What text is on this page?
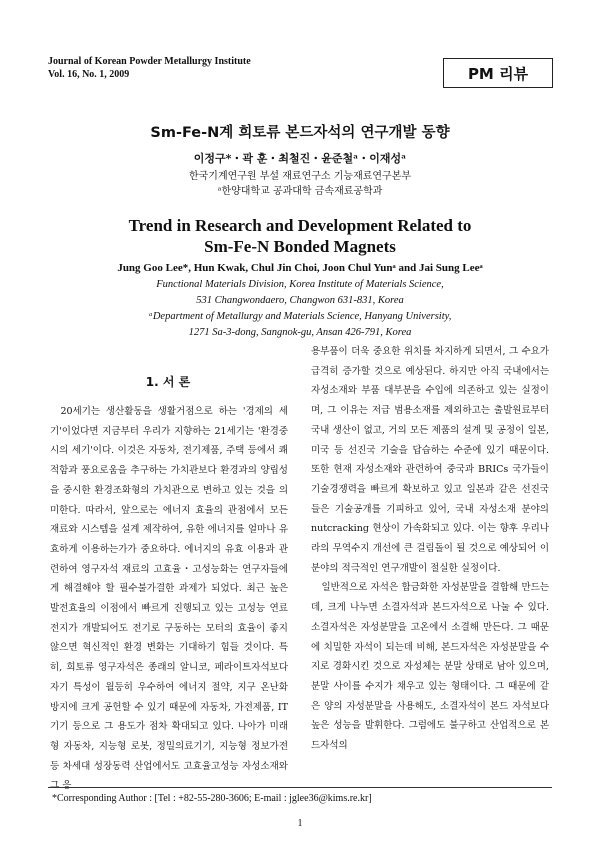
Journal of Korean Powder Metallurgy Institute
Vol. 16, No. 1, 2009	PM 리뷰
Sm-Fe-N계 희토류 본드자석의 연구개발 동향
이정구*・곽 훈・최철진・윤준철ᵃ・이재성ᵃ
한국기계연구원 부설 재료연구소 기능재료연구본부
ᵃ한양대학교 공과대학 금속재료공학과
Trend in Research and Development Related to
Sm-Fe-N Bonded Magnets
Jung Goo Lee*, Hun Kwak, Chul Jin Choi, Joon Chul Yunᵃ and Jai Sung Leeᵃ
Functional Materials Division, Korea Institute of Materials Science,
531 Changwondaero, Changwon 631-831, Korea
ᵃDepartment of Metallurgy and Materials Science, Hanyang University,
1271 Sa-3-dong, Sangnok-gu, Ansan 426-791, Korea
1. 서 론

20세기는 생산활동을 생활거점으로 하는 '경제의 세기'이었다면 지금부터 우리가 지향하는 21세기는 '환경중시의 세기'이다. 이것은 자동차, 전기제품, 주택 등에서 쾌적함과 풍요로움을 추구하는 가치관보다 환경과의 양립성을 중시한 환경조화형의 가치관으로 변하고 있는 것을 의미한다. 따라서, 앞으로는 에너지 효율의 관점에서 모든 재료와 시스템을 설계 제작하여, 유한 에너지를 얼마나 유효하게 이용하는가가 중요하다. 에너지의 유효 이용과 관련하여 영구자석 재료의 고효율・고성능화는 연구자들에게 해결해야 할 필수불가결한 과제가 되었다. 최근 높은 발전효율의 이점에서 빠르게 진행되고 있는 고성능 연료전지가 개발되어도 전기로 구동하는 모터의 효율이 좋지 않으면 혁신적인 환경 변화는 기대하기 힘들 것이다. 특히, 희토류 영구자석은 종래의 알니코, 페라이트자석보다 자기 특성이 월등히 우수하여 에너지 절약, 지구 온난화 방지에 크게 공헌할 수 있기 때문에 자동차, 가전제품, IT기기 등으로 그 용도가 점차 확대되고 있다. 나아가 미래형 자동차, 지능형 로봇, 정밀의료기기, 지능형 정보가전 등 차세대 성장동력 산업에서도 고효율고성능 자성소재와 그 응

용부품이 더욱 중요한 위치를 차지하게 되면서, 그 수요가 급격히 증가할 것으로 예상된다. 하지만 아직 국내에서는 자성소재와 부품 대부분을 수입에 의존하고 있는 실정이며, 그 이유는 저급 범용소재를 제외하고는 출발원료부터 국내 생산이 없고, 거의 모든 제품의 설계 및 공정이 일본, 미국 등 선진국 기술을 답습하는 수준에 있기 때문이다. 또한 현재 자성소재와 관련하여 중국과 BRICs 국가들이 기술경쟁력을 빠르게 확보하고 있고 일본과 같은 선진국들은 기술공개를 기피하고 있어, 국내 자성소재 분야의 nutcracking 현상이 가속화되고 있다. 이는 향후 우리나라의 무역수지 개선에 큰 걸림돌이 될 것으로 예상되어 이 분야의 적극적인 연구개발이 절실한 실정이다.

일반적으로 자석은 합금화한 자성분말을 결합해 만드는데, 크게 나누면 소결자석과 본드자석으로 나눌 수 있다. 소결자석은 자성분말을 고온에서 소결해 만든다. 그 때문에 치밀한 자석이 되는데 비해, 본드자석은 자성분말을 수지로 경화시킨 것으로 자성체는 분말 상태로 남아 있으며, 분말 사이를 수지가 채우고 있는 형태이다. 그 때문에 같은 양의 자성분말을 사용해도, 소결자석이 본드 자석보다 높은 성능을 발휘한다. 그럼에도 불구하고 산업적으로 본드자석의

*Corresponding Author : [Tel : +82-55-280-3606; E-mail : jglee36@kims.re.kr]
1
